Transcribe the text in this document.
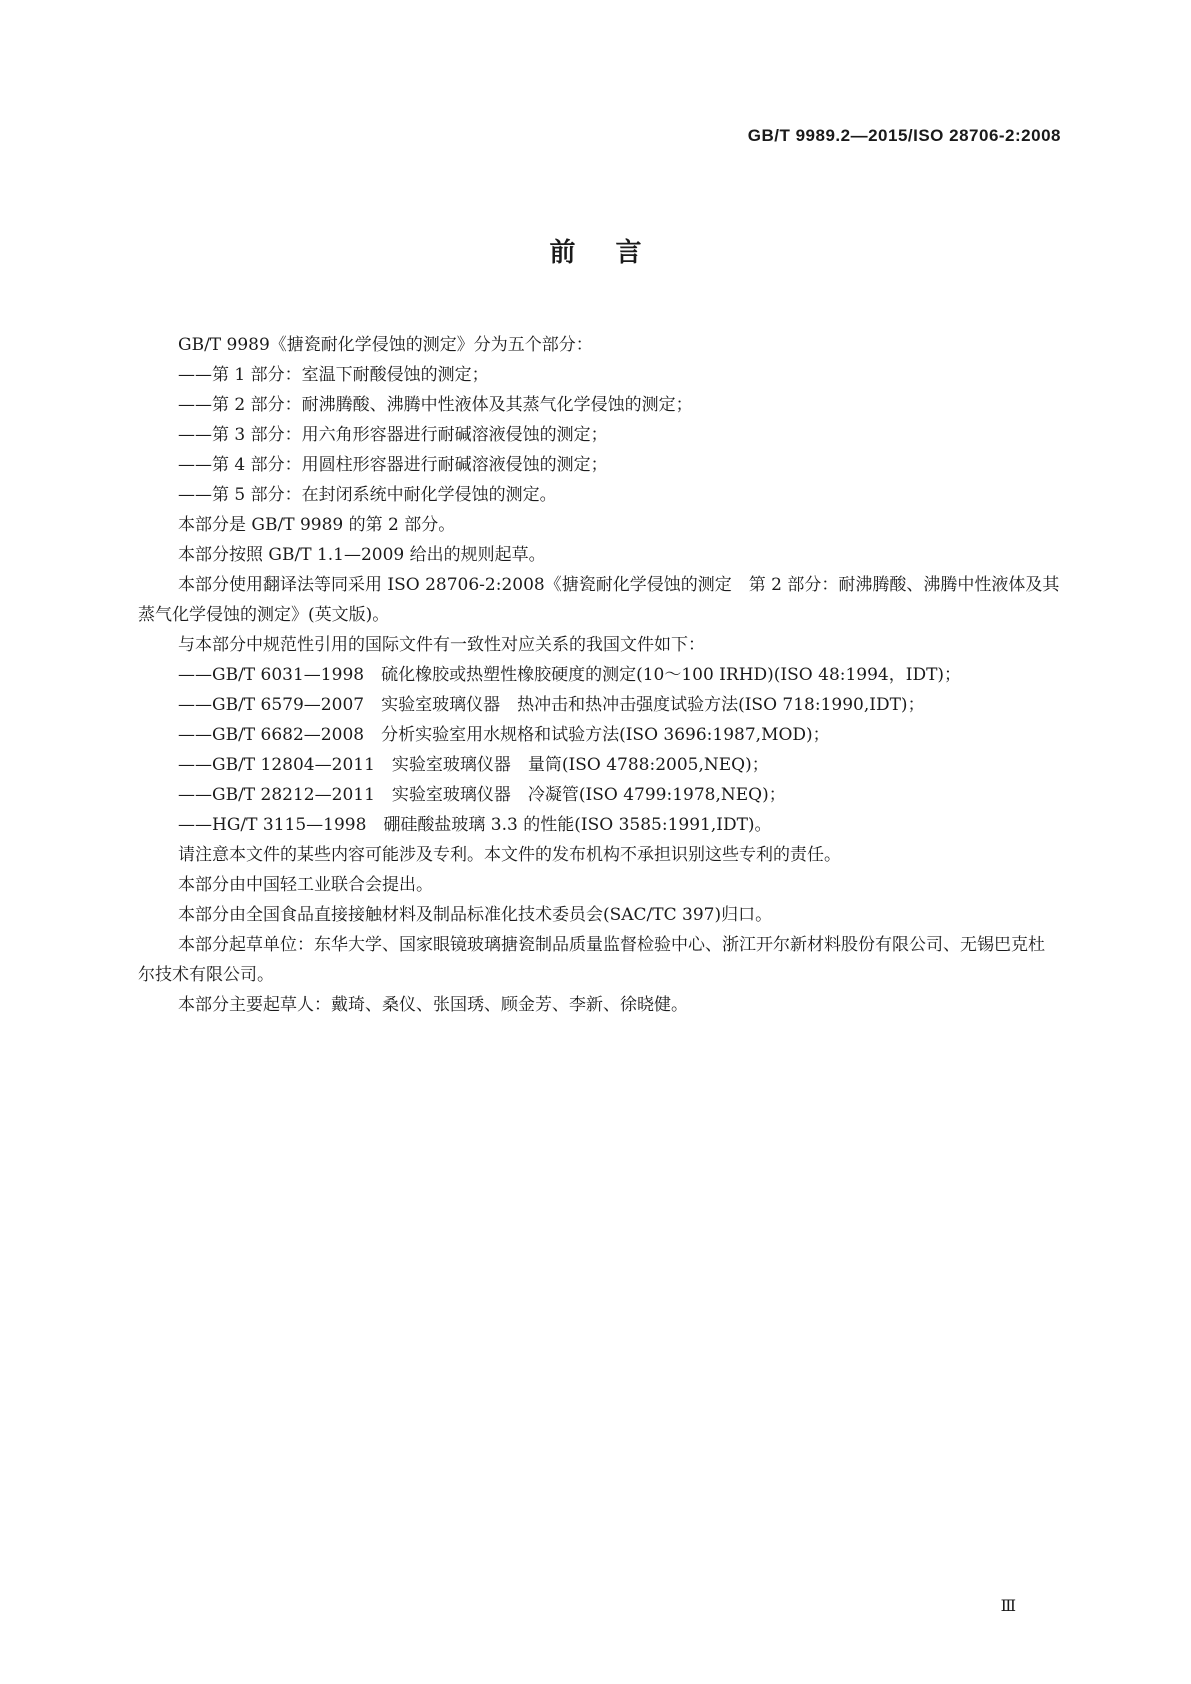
GB/T 9989.2—2015/ISO 28706-2:2008
前言
GB/T 9989《搪瓷耐化学侵蚀的测定》分为五个部分：
——第 1 部分：室温下耐酸侵蚀的测定；
——第 2 部分：耐沸腾酸、沸腾中性液体及其蒸气化学侵蚀的测定；
——第 3 部分：用六角形容器进行耐碱溶液侵蚀的测定；
——第 4 部分：用圆柱形容器进行耐碱溶液侵蚀的测定；
——第 5 部分：在封闭系统中耐化学侵蚀的测定。
本部分是 GB/T 9989 的第 2 部分。
本部分按照 GB/T 1.1—2009 给出的规则起草。
本部分使用翻译法等同采用 ISO 28706-2:2008《搪瓷耐化学侵蚀的测定　第 2 部分：耐沸腾酸、沸腾中性液体及其蒸气化学侵蚀的测定》(英文版)。
与本部分中规范性引用的国际文件有一致性对应关系的我国文件如下：
——GB/T 6031—1998　硫化橡胶或热塑性橡胶硬度的测定(10～100 IRHD)(ISO 48:1994，IDT)；
——GB/T 6579—2007　实验室玻璃仪器　热冲击和热冲击强度试验方法(ISO 718:1990,IDT)；
——GB/T 6682—2008　分析实验室用水规格和试验方法(ISO 3696:1987,MOD)；
——GB/T 12804—2011　实验室玻璃仪器　量筒(ISO 4788:2005,NEQ)；
——GB/T 28212—2011　实验室玻璃仪器　冷凝管(ISO 4799:1978,NEQ)；
——HG/T 3115—1998　硼硅酸盐玻璃 3.3 的性能(ISO 3585:1991,IDT)。
请注意本文件的某些内容可能涉及专利。本文件的发布机构不承担识别这些专利的责任。
本部分由中国轻工业联合会提出。
本部分由全国食品直接接触材料及制品标准化技术委员会(SAC/TC 397)归口。
本部分起草单位：东华大学、国家眼镜玻璃搪瓷制品质量监督检验中心、浙江开尔新材料股份有限公司、无锡巴克杜尔技术有限公司。
本部分主要起草人：戴琦、桑仪、张国琇、顾金芳、李新、徐晓健。
Ⅲ
